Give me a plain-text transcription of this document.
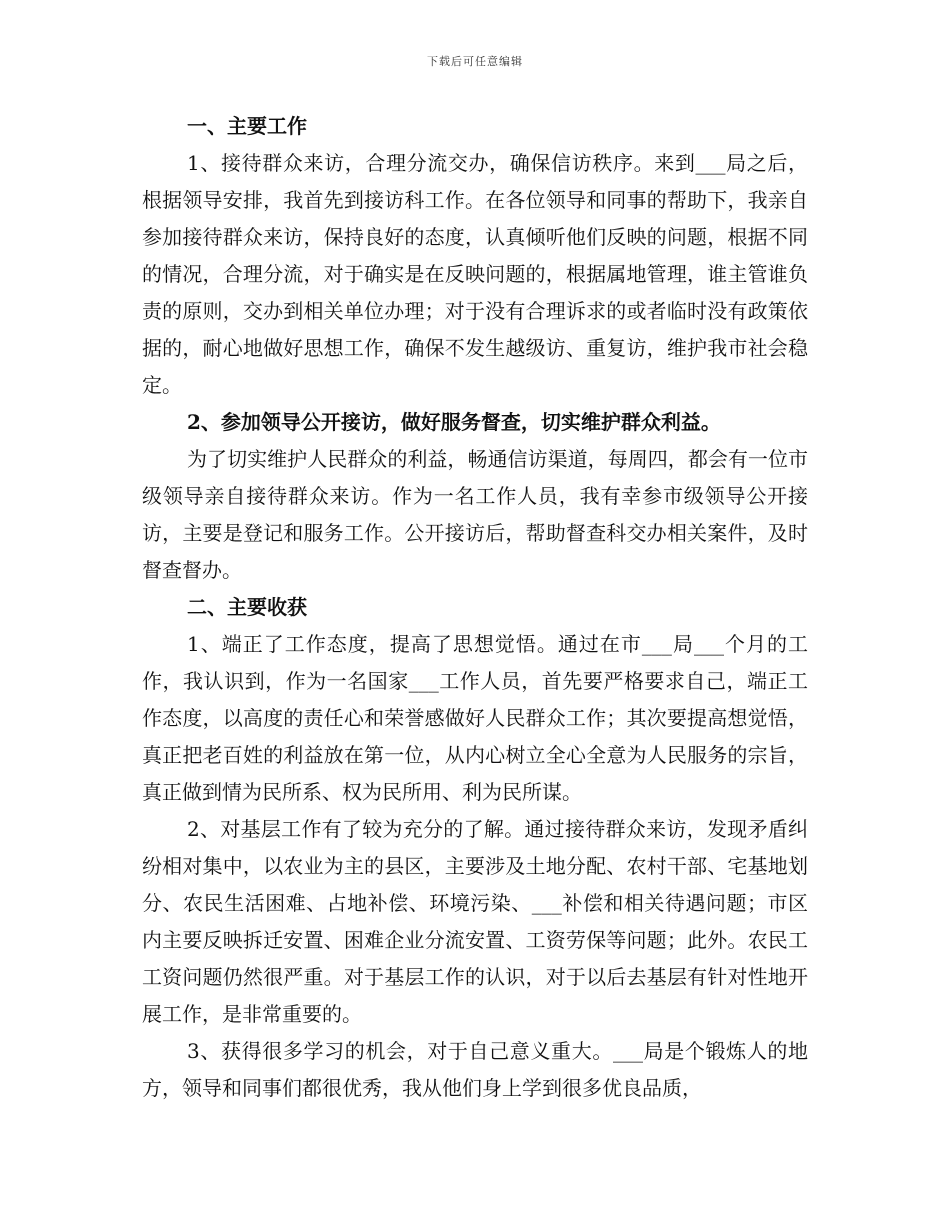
下载后可任意编辑

一、主要工作

1、接待群众来访，合理分流交办，确保信访秩序。来到___局之后，根据领导安排，我首先到接访科工作。在各位领导和同事的帮助下，我亲自参加接待群众来访，保持良好的态度，认真倾听他们反映的问题，根据不同的情况，合理分流，对于确实是在反映问题的，根据属地管理，谁主管谁负责的原则，交办到相关单位办理；对于没有合理诉求的或者临时没有政策依据的，耐心地做好思想工作，确保不发生越级访、重复访，维护我市社会稳定。

2、参加领导公开接访，做好服务督查，切实维护群众利益。

为了切实维护人民群众的利益，畅通信访渠道，每周四，都会有一位市级领导亲自接待群众来访。作为一名工作人员，我有幸参市级领导公开接访，主要是登记和服务工作。公开接访后，帮助督查科交办相关案件，及时督查督办。

二、主要收获

1、端正了工作态度，提高了思想觉悟。通过在市___局___个月的工作，我认识到，作为一名国家___工作人员，首先要严格要求自己，端正工作态度，以高度的责任心和荣誉感做好人民群众工作；其次要提高想觉悟，真正把老百姓的利益放在第一位，从内心树立全心全意为人民服务的宗旨，真正做到情为民所系、权为民所用、利为民所谋。

2、对基层工作有了较为充分的了解。通过接待群众来访，发现矛盾纠纷相对集中，以农业为主的县区，主要涉及土地分配、农村干部、宅基地划分、农民生活困难、占地补偿、环境污染、___补偿和相关待遇问题；市区内主要反映拆迁安置、困难企业分流安置、工资劳保等问题；此外。农民工工资问题仍然很严重。对于基层工作的认识，对于以后去基层有针对性地开展工作，是非常重要的。

3、获得很多学习的机会，对于自己意义重大。___局是个锻炼人的地方，领导和同事们都很优秀，我从他们身上学到很多优良品质，
